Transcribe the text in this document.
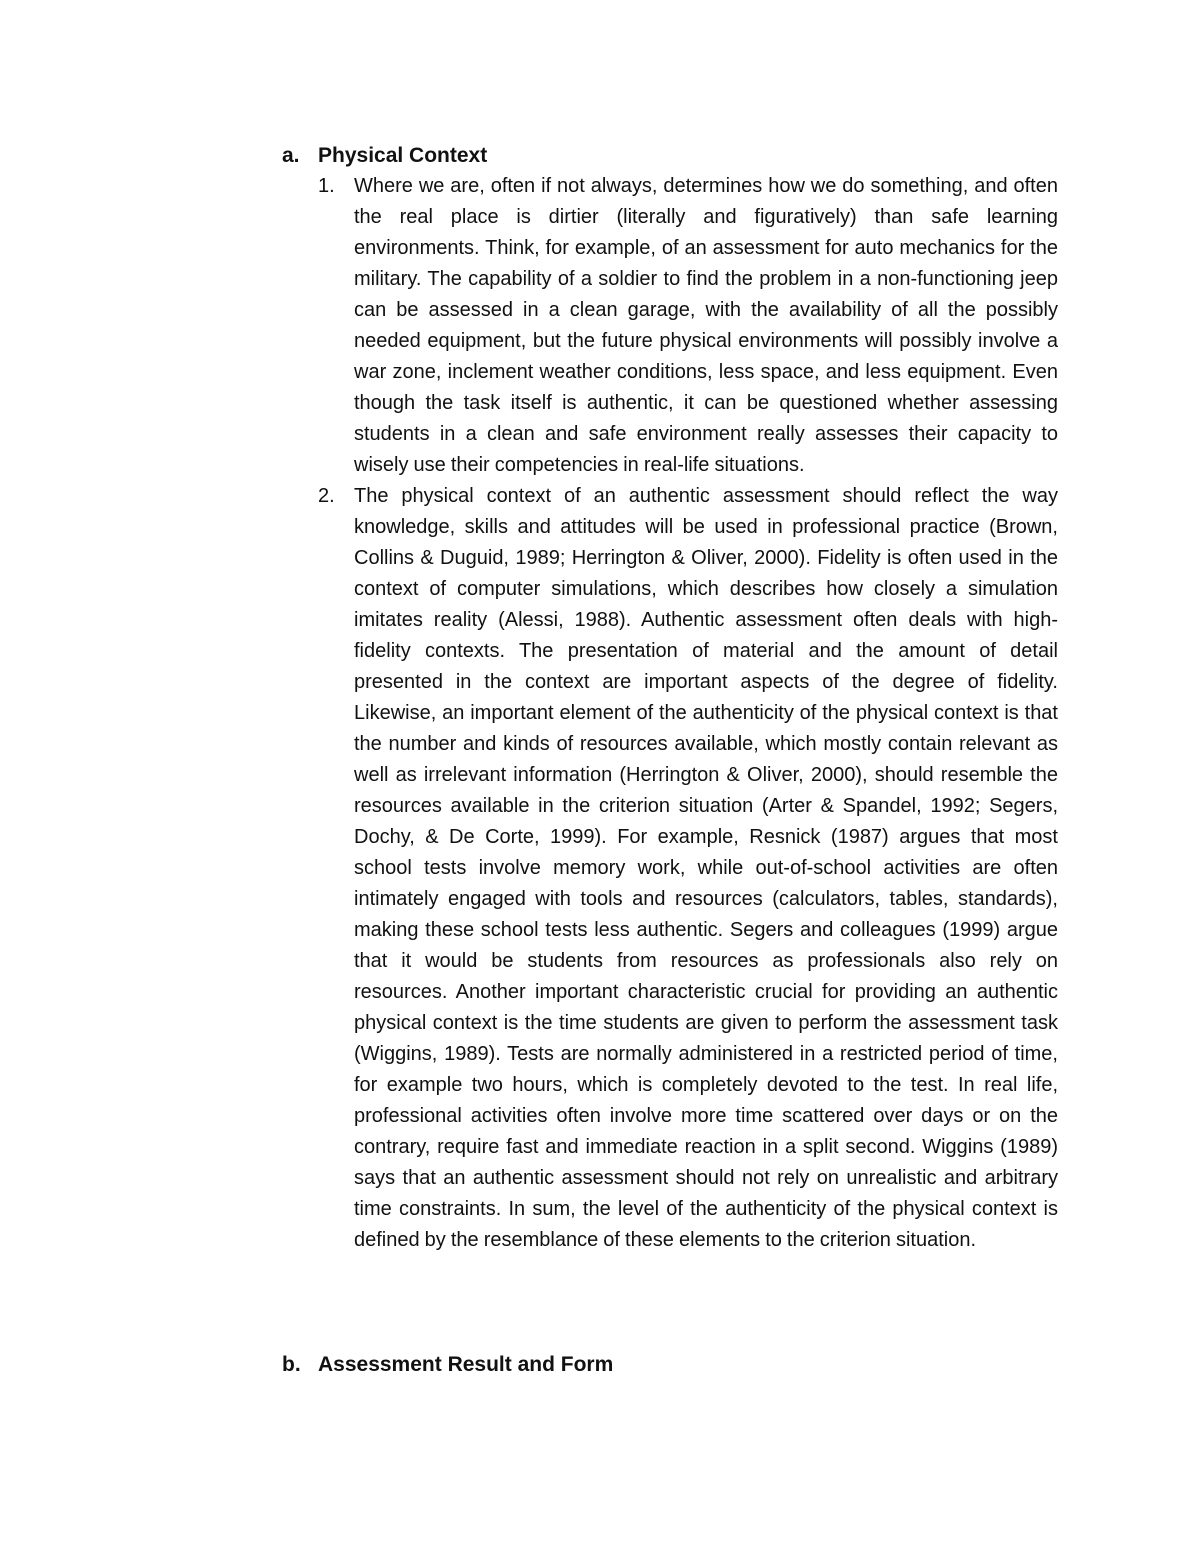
a. Physical Context
1. Where we are, often if not always, determines how we do something, and often the real place is dirtier (literally and figuratively) than safe learning environments. Think, for example, of an assessment for auto mechanics for the military. The capability of a soldier to find the problem in a non-functioning jeep can be assessed in a clean garage, with the availability of all the possibly needed equipment, but the future physical environments will possibly involve a war zone, inclement weather conditions, less space, and less equipment. Even though the task itself is authentic, it can be questioned whether assessing students in a clean and safe environment really assesses their capacity to wisely use their competencies in real-life situations.
2. The physical context of an authentic assessment should reflect the way knowledge, skills and attitudes will be used in professional practice (Brown, Collins & Duguid, 1989; Herrington & Oliver, 2000). Fidelity is often used in the context of computer simulations, which describes how closely a simulation imitates reality (Alessi, 1988). Authentic assessment often deals with high-fidelity contexts. The presentation of material and the amount of detail presented in the context are important aspects of the degree of fidelity. Likewise, an important element of the authenticity of the physical context is that the number and kinds of resources available, which mostly contain relevant as well as irrelevant information (Herrington & Oliver, 2000), should resemble the resources available in the criterion situation (Arter & Spandel, 1992; Segers, Dochy, & De Corte, 1999). For example, Resnick (1987) argues that most school tests involve memory work, while out-of-school activities are often intimately engaged with tools and resources (calculators, tables, standards), making these school tests less authentic. Segers and colleagues (1999) argue that it would be students from resources as professionals also rely on resources. Another important characteristic crucial for providing an authentic physical context is the time students are given to perform the assessment task (Wiggins, 1989). Tests are normally administered in a restricted period of time, for example two hours, which is completely devoted to the test. In real life, professional activities often involve more time scattered over days or on the contrary, require fast and immediate reaction in a split second. Wiggins (1989) says that an authentic assessment should not rely on unrealistic and arbitrary time constraints. In sum, the level of the authenticity of the physical context is defined by the resemblance of these elements to the criterion situation.
b. Assessment Result and Form
